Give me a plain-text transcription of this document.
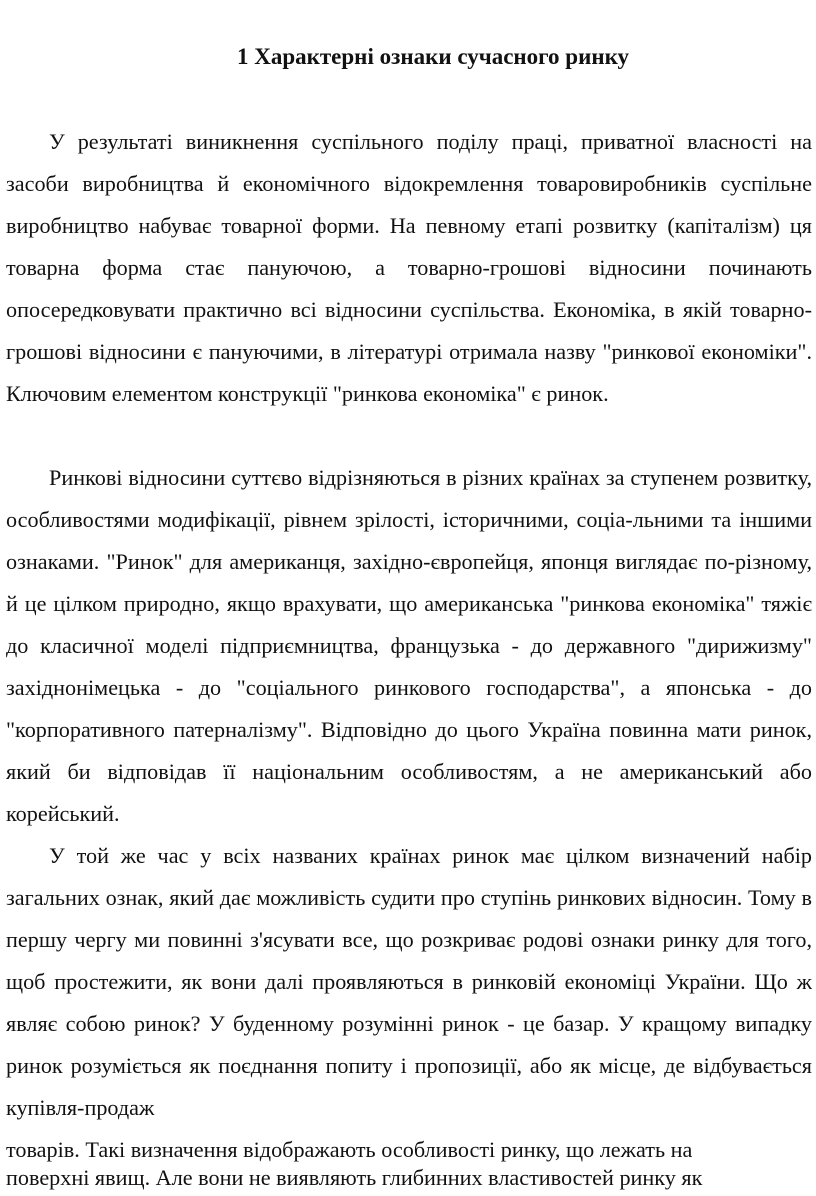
1 Характерні ознаки сучасного ринку

У результаті виникнення суспільного поділу праці, приватної власності на засоби виробництва й економічного відокремлення товаровиробників суспільне виробництво набуває товарної форми. На певному етапі розвитку (капіталізм) ця товарна форма стає пануючою, а товарно-грошові відносини починають опосередковувати практично всі відносини суспільства. Економіка, в якій товарно-грошові відносини є пануючими, в літературі отримала назву "ринкової економіки". Ключовим елементом конструкції "ринкова економіка" є ринок.

Ринкові відносини суттєво відрізняються в різних країнах за ступенем розвитку, особливостями модифікації, рівнем зрілості, історичними, соціа-льними та іншими ознаками. "Ринок" для американця, західно-європейця, японця виглядає по-різному, й це цілком природно, якщо врахувати, що американська "ринкова економіка" тяжіє до класичної моделі підприємництва, французька - до державного "дирижизму" західнонімецька - до "соціального ринкового господарства", а японська - до "корпоративного патерналізму". Відповідно до цього Україна повинна мати ринок, який би відповідав її національним особливостям, а не американський або корейський.

У той же час у всіх названих країнах ринок має цілком визначений набір загальних ознак, який дає можливість судити про ступінь ринкових відносин. Тому в першу чергу ми повинні з'ясувати все, що розкриває родові ознаки ринку для того, щоб простежити, як вони далі проявляються в ринковій економіці України. Що ж являє собою ринок? У буденному розумінні ринок - це базар. У кращому випадку ринок розуміється як поєднання попиту і пропозиції, або як місце, де відбувається купівля-продаж

товарів. Такі визначення відображають особливості ринку, що лежать на
поверхні явищ. Але вони не виявляють глибинних властивостей ринку як
